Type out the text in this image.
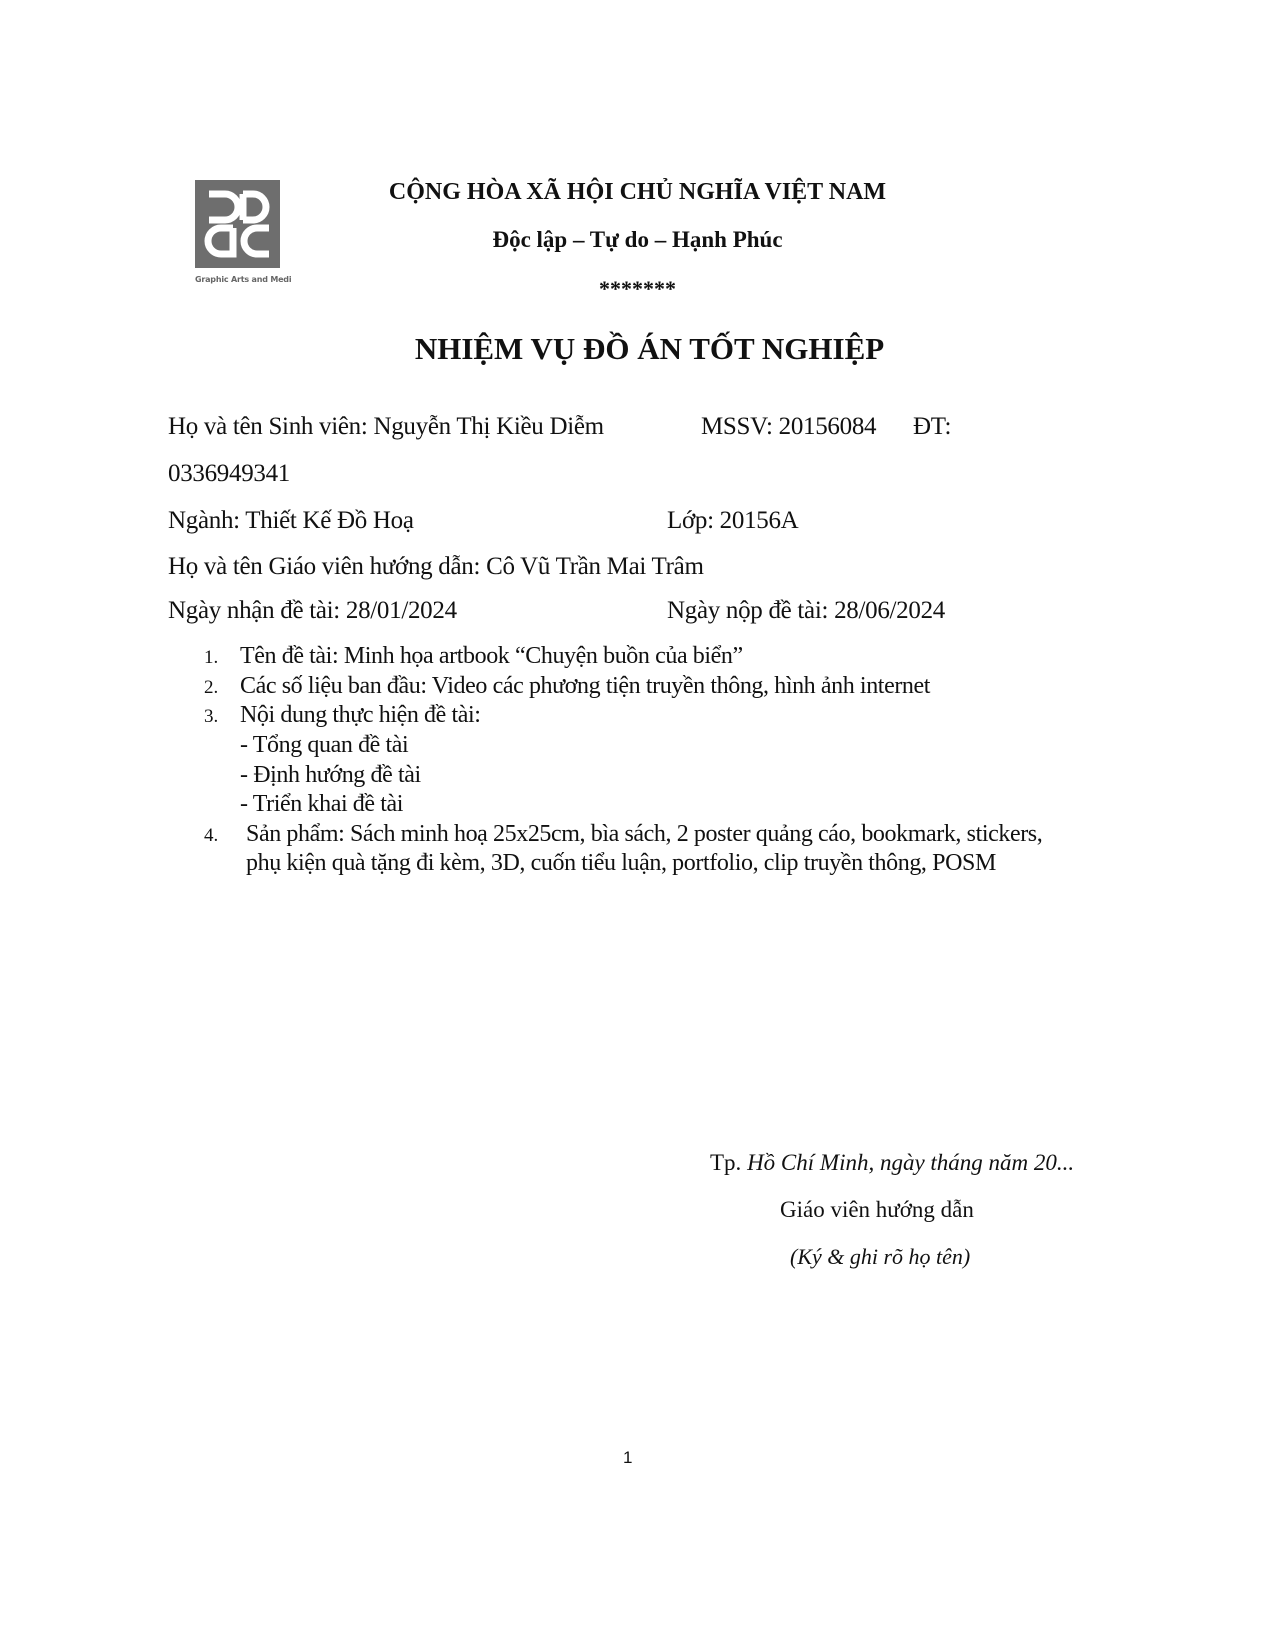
Graphic Arts and Medi
CỘNG HÒA XÃ HỘI CHỦ NGHĨA VIỆT NAM
Độc lập – Tự do – Hạnh Phúc
*******
NHIỆM VỤ ĐỒ ÁN TỐT NGHIỆP
Họ và tên Sinh viên: Nguyễn Thị Kiều Diễm	MSSV: 20156084 ĐT:
0336949341
Ngành: Thiết Kế Đồ Hoạ	Lớp: 20156A
Họ và tên Giáo viên hướng dẫn: Cô Vũ Trần Mai Trâm
Ngày nhận đề tài: 28/01/2024	Ngày nộp đề tài: 28/06/2024
1. Tên đề tài: Minh họa artbook “Chuyện buồn của biển”
2. Các số liệu ban đầu: Video các phương tiện truyền thông, hình ảnh internet
3. Nội dung thực hiện đề tài:
- Tổng quan đề tài
- Định hướng đề tài
- Triển khai đề tài
4. Sản phẩm: Sách minh hoạ 25x25cm, bìa sách, 2 poster quảng cáo, bookmark, stickers,
phụ kiện quà tặng đi kèm, 3D, cuốn tiểu luận, portfolio, clip truyền thông, POSM
Tp. Hồ Chí Minh, ngày tháng năm 20...
Giáo viên hướng dẫn
(Ký & ghi rõ họ tên)
1
